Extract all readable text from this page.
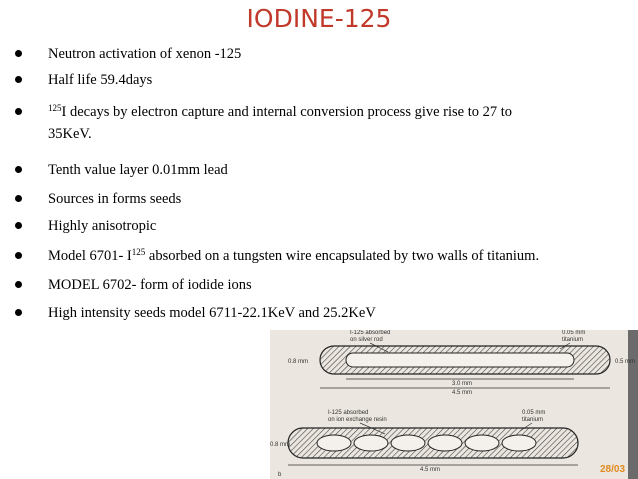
IODINE-125
Neutron activation of xenon -125
Half life 59.4days
$^{125}$I decays by electron capture and internal conversion process give rise to 27 to
35KeV.
Tenth value layer 0.01mm lead
Sources in forms seeds
Highly anisotropic
Model 6701- $I^{125}$ absorbed on a tungsten wire encapsulated by two walls of titanium.
MODEL 6702- form of iodide ions
High intensity seeds model 6711-22.1KeV and 25.2KeV
I-125 absorbed
on silver rod
0.05 mm
titanium
0.8 mm	0.5 mm
3.0 mm
4.5 mm
I-125 absorbed
on ion exchange resin
0.05 mm
titanium
0.8 mm
4.5 mm
b	28/03
